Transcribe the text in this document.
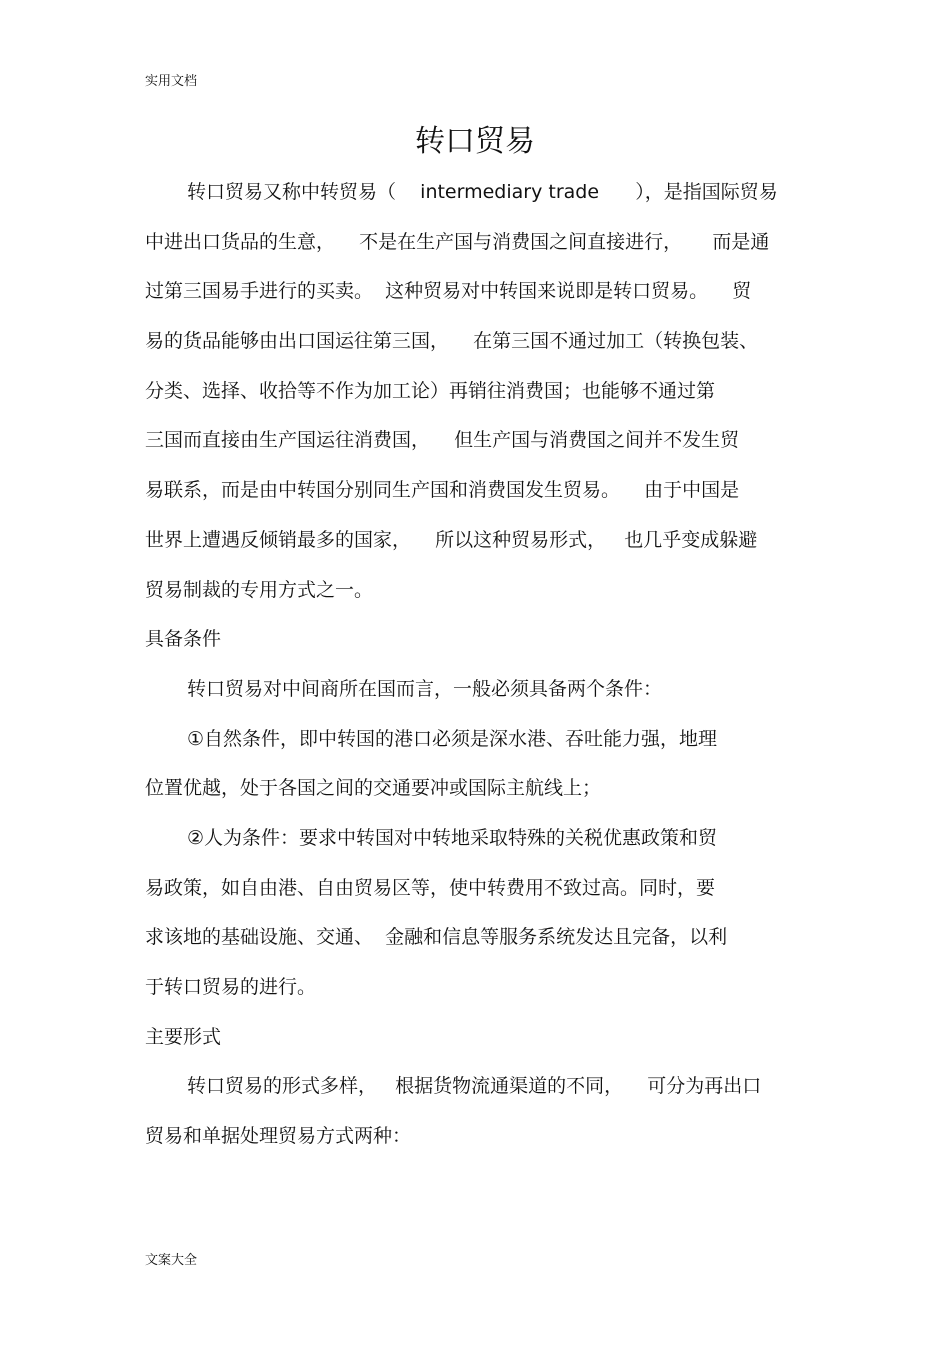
实用文档
转口贸易
转口贸易又称中转贸易（    intermediary trade      ），是指国际贸易
中进出口货品的生意，    不是在生产国与消费国之间直接进行，     而是通
过第三国易手进行的买卖。  这种贸易对中转国来说即是转口贸易。    贸
易的货品能够由出口国运往第三国，    在第三国不通过加工（转换包装、
分类、选择、收拾等不作为加工论）再销往消费国；也能够不通过第
三国而直接由生产国运往消费国，    但生产国与消费国之间并不发生贸
易联系，而是由中转国分别同生产国和消费国发生贸易。    由于中国是
世界上遭遇反倾销最多的国家，    所以这种贸易形式，   也几乎变成躲避
贸易制裁的专用方式之一。
具备条件
转口贸易对中间商所在国而言，一般必须具备两个条件：
①自然条件，即中转国的港口必须是深水港、吞吐能力强，地理
位置优越，处于各国之间的交通要冲或国际主航线上；
②人为条件：要求中转国对中转地采取特殊的关税优惠政策和贸
易政策，如自由港、自由贸易区等，使中转费用不致过高。同时，要
求该地的基础设施、交通、  金融和信息等服务系统发达且完备，以利
于转口贸易的进行。
主要形式
转口贸易的形式多样，   根据货物流通渠道的不同，    可分为再出口
贸易和单据处理贸易方式两种：
文案大全
